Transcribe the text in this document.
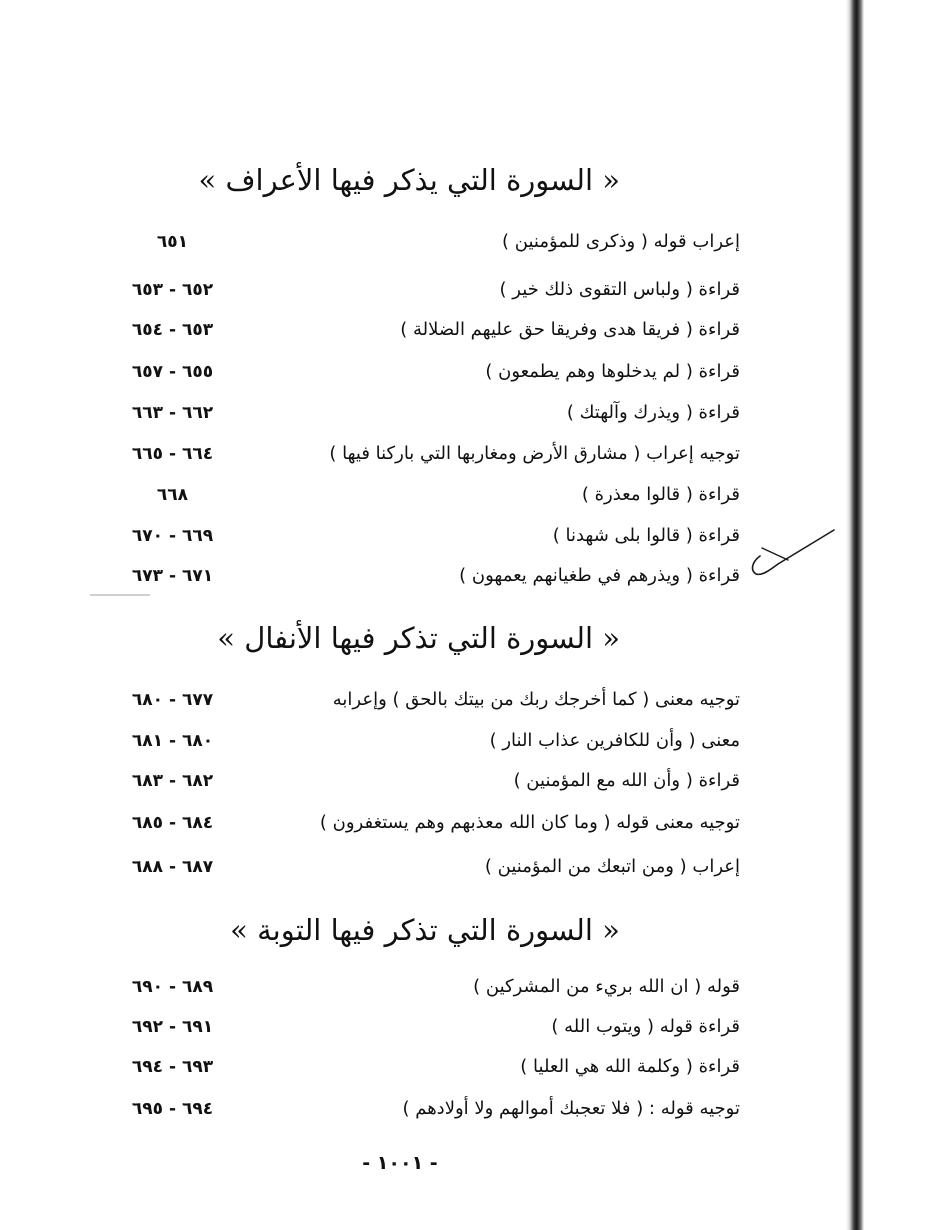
« السورة التي يذكر فيها الأعراف »
إعراب قوله ( وذكرى للمؤمنين )
٦٥١
قراءة ( ولباس التقوى ذلك خير )
٦٥٢ - ٦٥٣
قراءة ( فريقا هدى وفريقا حق عليهم الضلالة )
٦٥٣ - ٦٥٤
قراءة ( لم يدخلوها وهم يطمعون )
٦٥٥ - ٦٥٧
قراءة ( ويذرك وآلهتك )
٦٦٢ - ٦٦٣
توجيه إعراب ( مشارق الأرض ومغاربها التي باركنا فيها )
٦٦٤ - ٦٦٥
قراءة ( قالوا معذرة )
٦٦٨
قراءة ( قالوا بلى شهدنا )
٦٦٩ - ٦٧٠
قراءة ( ويذرهم في طغيانهم يعمهون )
٦٧١ - ٦٧٣
« السورة التي تذكر فيها الأنفال »
توجيه معنى ( كما أخرجك ربك من بيتك بالحق ) وإعرابه
٦٧٧ - ٦٨٠
معنى ( وأن للكافرين عذاب النار )
٦٨٠ - ٦٨١
قراءة ( وأن الله مع المؤمنين )
٦٨٢ - ٦٨٣
توجيه معنى قوله ( وما كان الله معذبهم وهم يستغفرون )
٦٨٤ - ٦٨٥
إعراب ( ومن اتبعك من المؤمنين )
٦٨٧ - ٦٨٨
« السورة التي تذكر فيها التوبة »
قوله ( ان الله بريء من المشركين )
٦٨٩ - ٦٩٠
قراءة قوله ( ويتوب الله )
٦٩١ - ٦٩٢
قراءة ( وكلمة الله هي العليا )
٦٩٣ - ٦٩٤
توجيه قوله : ( فلا تعجبك أموالهم ولا أولادهم )
٦٩٤ - ٦٩٥
- ١٠٠١ -
